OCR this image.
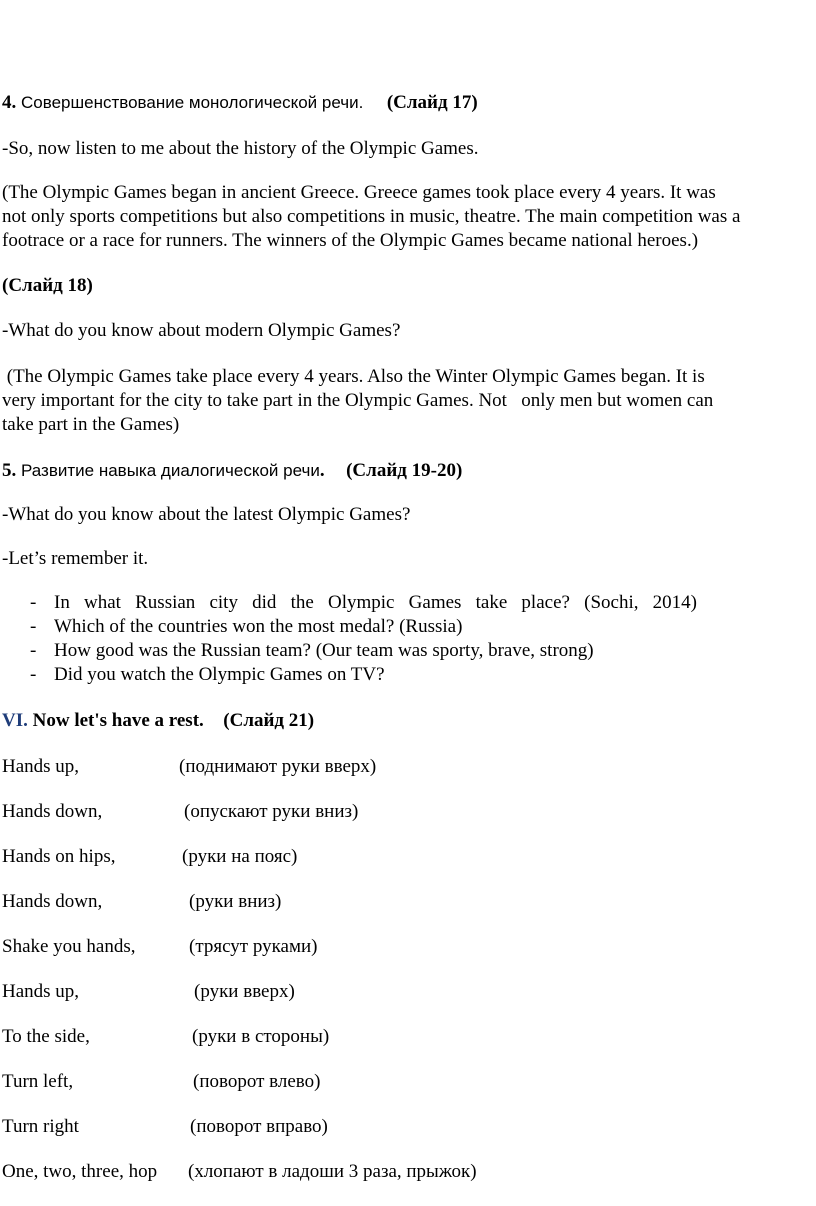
4. Совершенствование монологической речи. (Слайд 17)
-So, now listen to me about the history of the Olympic Games.
(The Olympic Games began in ancient Greece. Greece games took place every 4 years. It was
not only sports competitions but also competitions in music, theatre. The main competition was a
footrace or a race for runners. The winners of the Olympic Games became national heroes.)
(Слайд 18)
-What do you know about modern Olympic Games?
(The Olympic Games take place every 4 years. Also the Winter Olympic Games began. It is
very important for the city to take part in the Olympic Games. Not   only men but women can
take part in the Games)
5. Развитие навыка диалогической речи. (Слайд 19-20)
-What do you know about the latest Olympic Games?
-Let’s remember it.
- In what Russian city did the Olympic Games take place? (Sochi, 2014)
- Which of the countries won the most medal? (Russia)
- How good was the Russian team? (Our team was sporty, brave, strong)
- Did you watch the Olympic Games on TV?
VI. Now let's have a rest. (Слайд 21)
Hands up,	(поднимают руки вверх)
Hands down,	(опускают руки вниз)
Hands on hips,	(руки на пояс)
Hands down,	(руки вниз)
Shake you hands,	(трясут руками)
Hands up,	(руки вверх)
To the side,	(руки в стороны)
Turn left,	(поворот влево)
Turn right	(поворот вправо)
One, two, three, hop (хлопают в ладоши 3 раза, прыжок)
